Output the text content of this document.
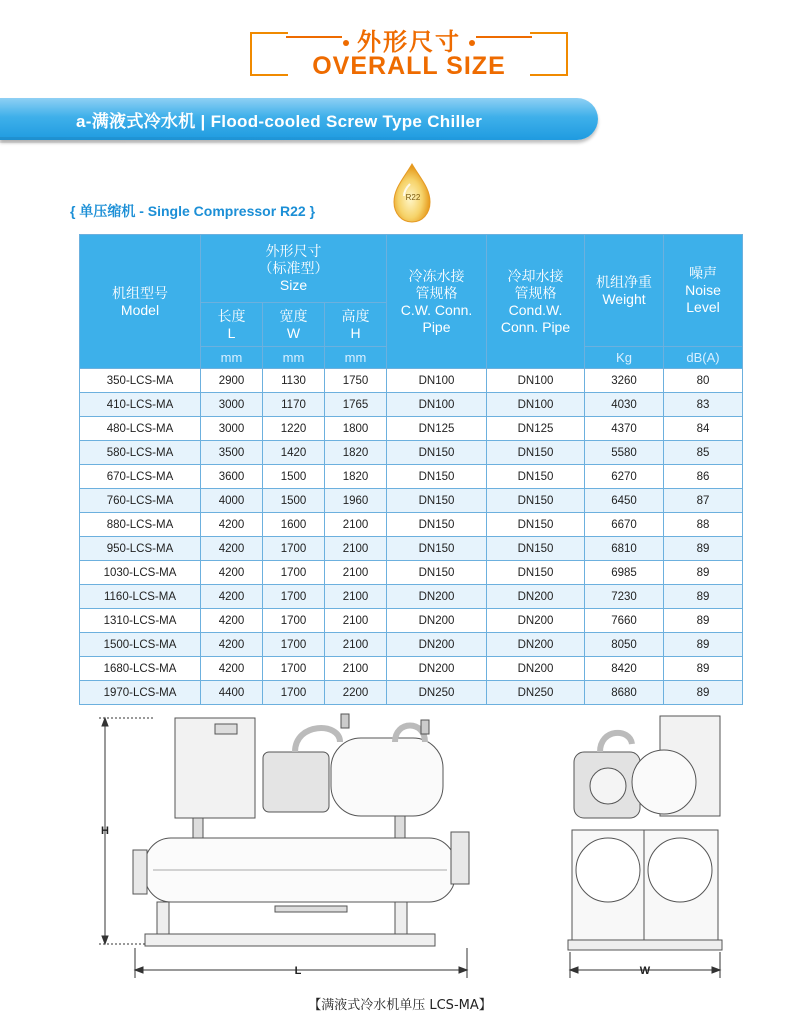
外形尺寸
OVERALL SIZE
a-满液式冷水机 | Flood-cooled Screw Type Chiller
{ 单压缩机 - Single Compressor R22 }
R22
机组型号
Model	外形尺寸
（标准型）
Size			冷冻水接
管规格
C.W. Conn.
Pipe	冷却水接
管规格
Cond.W.
Conn. Pipe	机组净重
Weight	噪声
Noise
Level
	长度
L	宽度
W	高度
H				
	mm	mm	mm			Kg	dB(A)
350-LCS-MA	2900	1130	1750	DN100	DN100	3260	80
410-LCS-MA	3000	1170	1765	DN100	DN100	4030	83
480-LCS-MA	3000	1220	1800	DN125	DN125	4370	84
580-LCS-MA	3500	1420	1820	DN150	DN150	5580	85
670-LCS-MA	3600	1500	1820	DN150	DN150	6270	86
760-LCS-MA	4000	1500	1960	DN150	DN150	6450	87
880-LCS-MA	4200	1600	2100	DN150	DN150	6670	88
950-LCS-MA	4200	1700	2100	DN150	DN150	6810	89
1030-LCS-MA	4200	1700	2100	DN150	DN150	6985	89
1160-LCS-MA	4200	1700	2100	DN200	DN200	7230	89
1310-LCS-MA	4200	1700	2100	DN200	DN200	7660	89
1500-LCS-MA	4200	1700	2100	DN200	DN200	8050	89
1680-LCS-MA	4200	1700	2100	DN200	DN200	8420	89
1970-LCS-MA	4400	1700	2200	DN250	DN250	8680	89
H
L	W
【满液式冷水机单压 LCS-MA】
